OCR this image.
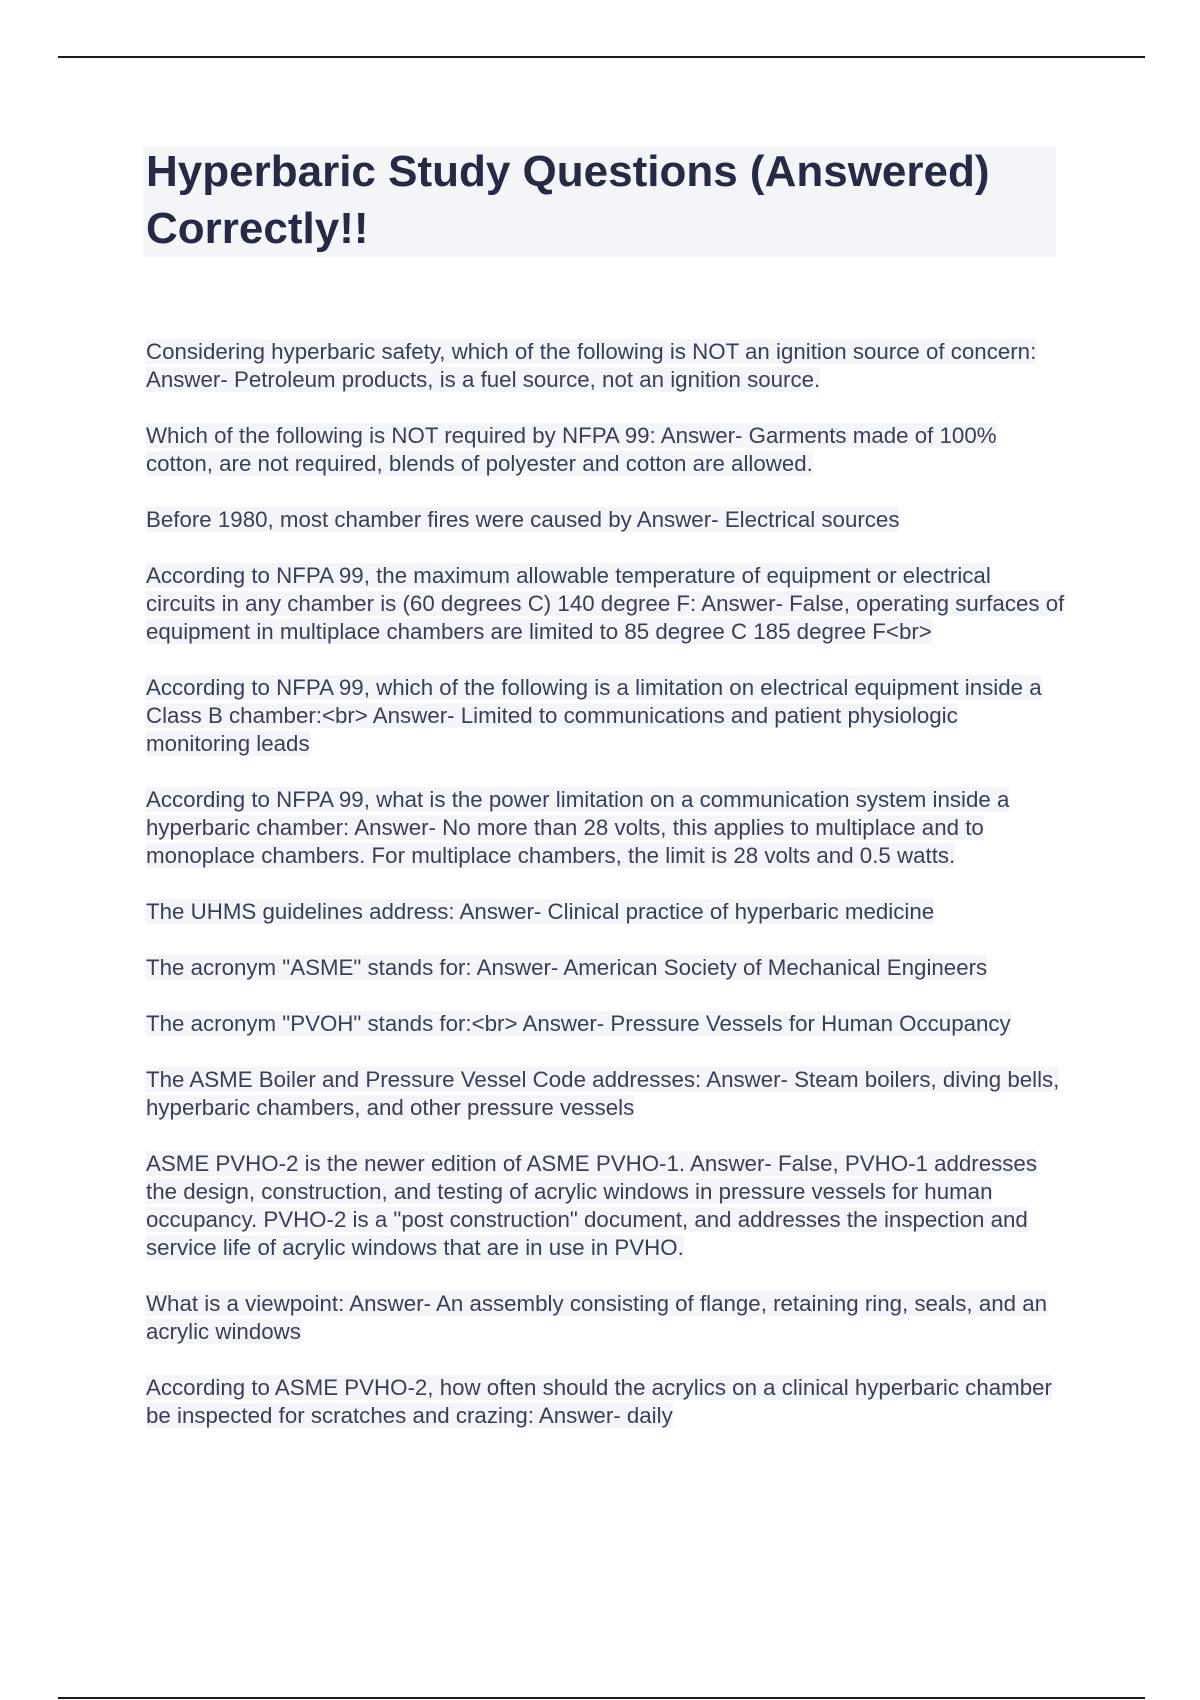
Hyperbaric Study Questions (Answered) Correctly!!

Considering hyperbaric safety, which of the following is NOT an ignition source of concern: Answer- Petroleum products, is a fuel source, not an ignition source.

Which of the following is NOT required by NFPA 99: Answer- Garments made of 100% cotton, are not required, blends of polyester and cotton are allowed.

Before 1980, most chamber fires were caused by Answer- Electrical sources

According to NFPA 99, the maximum allowable temperature of equipment or electrical circuits in any chamber is (60 degrees C) 140 degree F: Answer- False, operating surfaces of equipment in multiplace chambers are limited to 85 degree C 185 degree F<br>

According to NFPA 99, which of the following is a limitation on electrical equipment inside a Class B chamber:<br> Answer- Limited to communications and patient physiologic monitoring leads

According to NFPA 99, what is the power limitation on a communication system inside a hyperbaric chamber: Answer- No more than 28 volts, this applies to multiplace and to monoplace chambers. For multiplace chambers, the limit is 28 volts and 0.5 watts.

The UHMS guidelines address: Answer- Clinical practice of hyperbaric medicine

The acronym "ASME" stands for: Answer- American Society of Mechanical Engineers

The acronym "PVOH" stands for:<br> Answer- Pressure Vessels for Human Occupancy

The ASME Boiler and Pressure Vessel Code addresses: Answer- Steam boilers, diving bells, hyperbaric chambers, and other pressure vessels

ASME PVHO-2 is the newer edition of ASME PVHO-1. Answer- False, PVHO-1 addresses the design, construction, and testing of acrylic windows in pressure vessels for human occupancy. PVHO-2 is a "post construction" document, and addresses the inspection and service life of acrylic windows that are in use in PVHO.

What is a viewpoint: Answer- An assembly consisting of flange, retaining ring, seals, and an acrylic windows

According to ASME PVHO-2, how often should the acrylics on a clinical hyperbaric chamber be inspected for scratches and crazing: Answer- daily
